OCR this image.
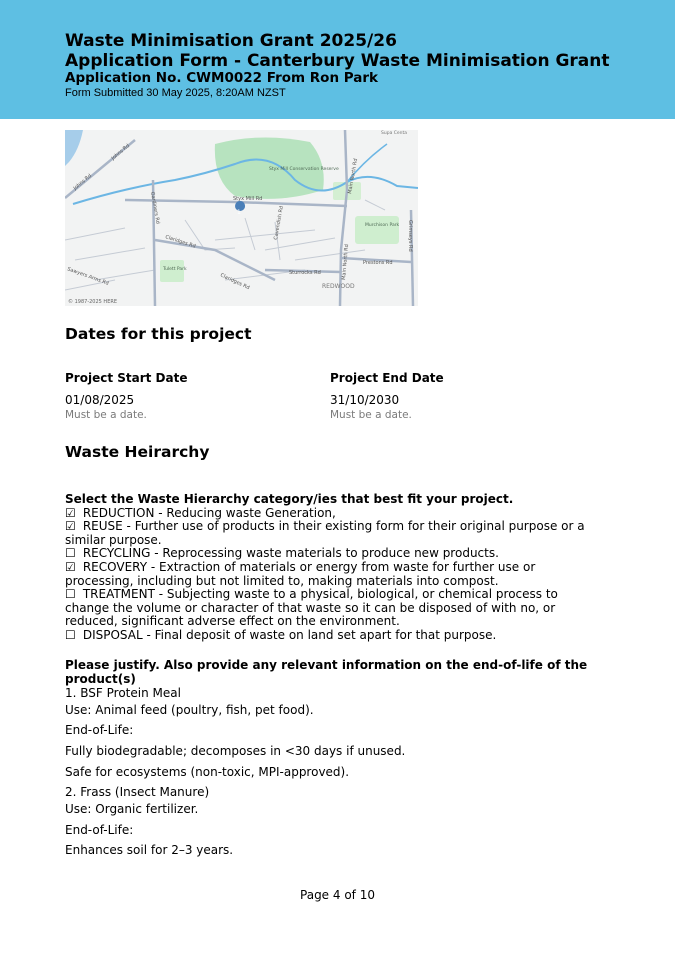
Waste Minimisation Grant 2025/26
Application Form - Canterbury Waste Minimisation Grant
Application No. CWM0022 From Ron Park
Form Submitted 30 May 2025, 8:20AM NZST
1
Styx Mill Conservation Reserve
Styx Mill Rd
Johns Rd
Johns Rd
Gardiners Rd
Claridges Rd
Claridges Rd
Main North Rd
Main North Rd
Cavendish Rd
Sturrocks Rd
Prestons Rd
Grimseys Rd
Murchison Park
REDWOOD
Tulett Park
Sawyers Arms Rd
Supa Centa
© 1987-2025 HERE
Dates for this project
Project Start Date
01/08/2025
Must be a date.
Project End Date
31/10/2030
Must be a date.
Waste Heirarchy
Select the Waste Hierarchy category/ies that best fit your project.
☑ REDUCTION - Reducing waste Generation,
☑ REUSE - Further use of products in their existing form for their original purpose or a similar purpose.
☐ RECYCLING - Reprocessing waste materials to produce new products.
☑ RECOVERY - Extraction of materials or energy from waste for further use or processing, including but not limited to, making materials into compost.
☐ TREATMENT - Subjecting waste to a physical, biological, or chemical process to change the volume or character of that waste so it can be disposed of with no, or reduced, significant adverse effect on the environment.
☐ DISPOSAL - Final deposit of waste on land set apart for that purpose.
Please justify. Also provide any relevant information on the end-of-life of the product(s)
1. BSF Protein Meal
Use: Animal feed (poultry, fish, pet food).
End-of-Life:
Fully biodegradable; decomposes in <30 days if unused.
Safe for ecosystems (non-toxic, MPI-approved).
2. Frass (Insect Manure)
Use: Organic fertilizer.
End-of-Life:
Enhances soil for 2–3 years.
Page 4 of 10
